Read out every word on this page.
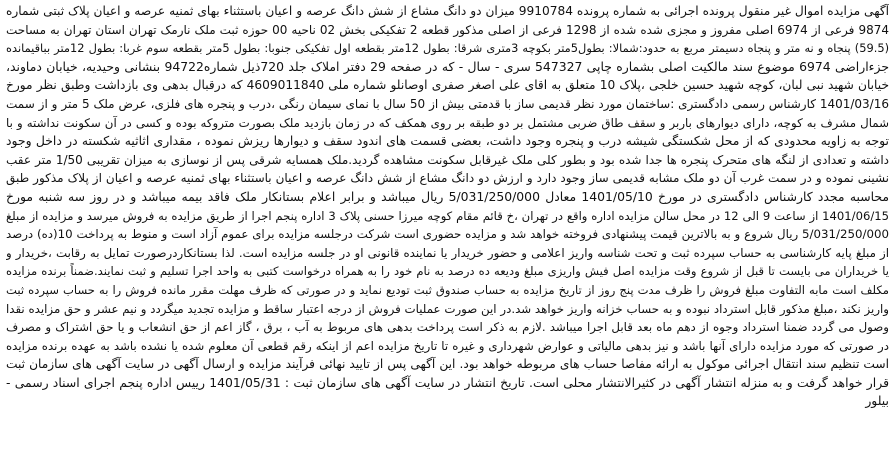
آگهی مزایده اموال غیر منقول پرونده اجرائی به شماره پرونده 9910784 میزان دو دانگ مشاع از شش دانگ عرصه و اعیان باستثناء بهای ثمنیه عرصه و اعیان پلاک ثبتی شماره
9874 فرعی از 6974 اصلی مفروز و مجزی شده شده از 1298 فرعی از اصلی مذکور قطعه 2 تفکیکی بخش 02 ناحیه 00 حوزه ثبت ملک نارمک تهران استان تهران به مساحت
(59.5) پنجاه و نه متر و پنجاه دسیمتر مربع به حدود:شمالا: بطول5متر بکوچه 3متری شرقا: بطول 12متر بقطعه اول تفکیکی جنوبا: بطول 5متر بقطعه سوم غربا: بطول 12متر بباقیمانده
جزءاراضی 6974 موضوع سند مالکیت اصلی بشماره چاپی 547327 سری - سال - که در صفحه 29 دفتر املاک جلد 720ذیل شماره94722 بنشانی وحیدیه، خیابان دماوند،
خیابان شهید نبی لبان، کوچه شهید حسین خلجی ،پلاک 10 متعلق به اقای علی اصغر صفری اوصانلو شماره ملی 4609011840 که درقبال بدهی وی بازداشت وطبق نظر مورخ
1401/03/16 کارشناس رسمی دادگستری :ساختمان مورد نظر قدیمی ساز با قدمتی بیش از 50 سال با نمای سیمان رنگی ،درب و پنجره های فلزی، عرض ملک 5 متر و از سمت
شمال مشرف به کوچه، دارای دیوارهای باربر و سقف طاق ضربی مشتمل بر دو طبقه بر روی همکف که در زمان بازدید ملک بصورت متروکه بوده و کسی در آن سکونت نداشته و با
توجه به زاویه محدودی که از محل شکستگی شیشه درب و پنجره وجود داشت، بعضی قسمت های اندود سقف و دیوارها ریزش نموده ، مقداری اثاثیه شکسته در داخل وجود
داشته و تعدادی از لنگه های متحرک پنجره ها جدا شده بود و بطور کلی ملک غیرقابل سکونت مشاهده گردید.ملک همسایه شرقی پس از نوسازی به میزان تقریبی 1/50 متر عقب
نشینی نموده و در سمت غرب آن دو ملک مشابه قدیمی ساز وجود دارد و ارزش دو دانگ مشاع از شش دانگ عرصه و اعیان باستثناء بهای ثمنیه عرصه و اعیان از پلاک مذکور طبق
محاسبه مجدد کارشناس دادگستری در مورخ 1401/05/10 معادل 5/031/250/000 ریال میباشد و برابر اعلام بستانکار ملک فاقد بیمه میباشد و در روز سه شنبه مورخ
1401/06/15 از ساعت 9 الی 12 در محل سالن مزایده اداره واقع در تهران ،خ قائم مقام کوچه میرزا حسنی پلاک 3 اداره پنجم اجرا از طریق مزایده به فروش میرسد و مزایده از مبلغ
5/031/250/000 ریال شروع و به بالاترین قیمت پیشنهادی فروخته خواهد شد و مزایده حضوری است شرکت درجلسه مزایده برای عموم آزاد است و منوط به پرداخت 10(ده) درصد
از مبلغ پایه کارشناسی به حساب سپرده ثبت و تحت شناسه واریز اعلامی و حضور خریدار یا نماینده قانونی او در جلسه مزایده است. لذا بستانکاردرصورت تمایل به رقابت ،خریدار و
یا خریداران می بایست تا قبل از شروع وقت مزایده اصل فیش واریزی مبلغ ودیعه ده درصد به نام خود را به همراه درخواست کتبی به واحد اجرا تسلیم و ثبت نمایند.ضمناً برنده مزایده
مکلف است مابه التفاوت مبلغ فروش را ظرف مدت پنج روز از تاریخ مزایده به حساب صندوق ثبت تودیع نماید و در صورتی که ظرف مهلت مقرر مانده فروش را به حساب سپرده ثبت
واریز نکند ،مبلغ مذکور قابل استرداد نبوده و به حساب خزانه واریز خواهد شد.در این صورت عملیات فروش از درجه اعتبار ساقط و مزایده تجدید میگردد و نیم عشر و حق مزایده نقدا
وصول می گردد ضمنا استرداد وجوه از دهم ماه بعد قابل اجرا میباشد .لازم به ذکر است پرداخت بدهی های مربوط به آب ، برق ، گاز اعم از حق انشعاب و یا حق اشتراک و مصرف
در صورتی که مورد مزایده دارای آنها باشد و نیز بدهی مالیاتی و عوارض شهرداری و غیره تا تاریخ مزایده اعم از اینکه رقم قطعی آن معلوم شده یا نشده باشد به عهده برنده مزایده
است تنظیم سند انتقال اجرائی موکول به ارائه مفاصا حساب های مربوطه خواهد بود. این آگهی پس از تایید نهائی فرآیند مزایده و ارسال آگهی در سایت آگهی های سازمان ثبت
قرار خواهد گرفت و به منزله انتشار آگهی در کثیرالانتشار محلی است. تاریخ انتشار در سایت آگهی های سازمان ثبت : 1401/05/31 رییس اداره پنجم اجرای اسناد رسمی -
بیلور
